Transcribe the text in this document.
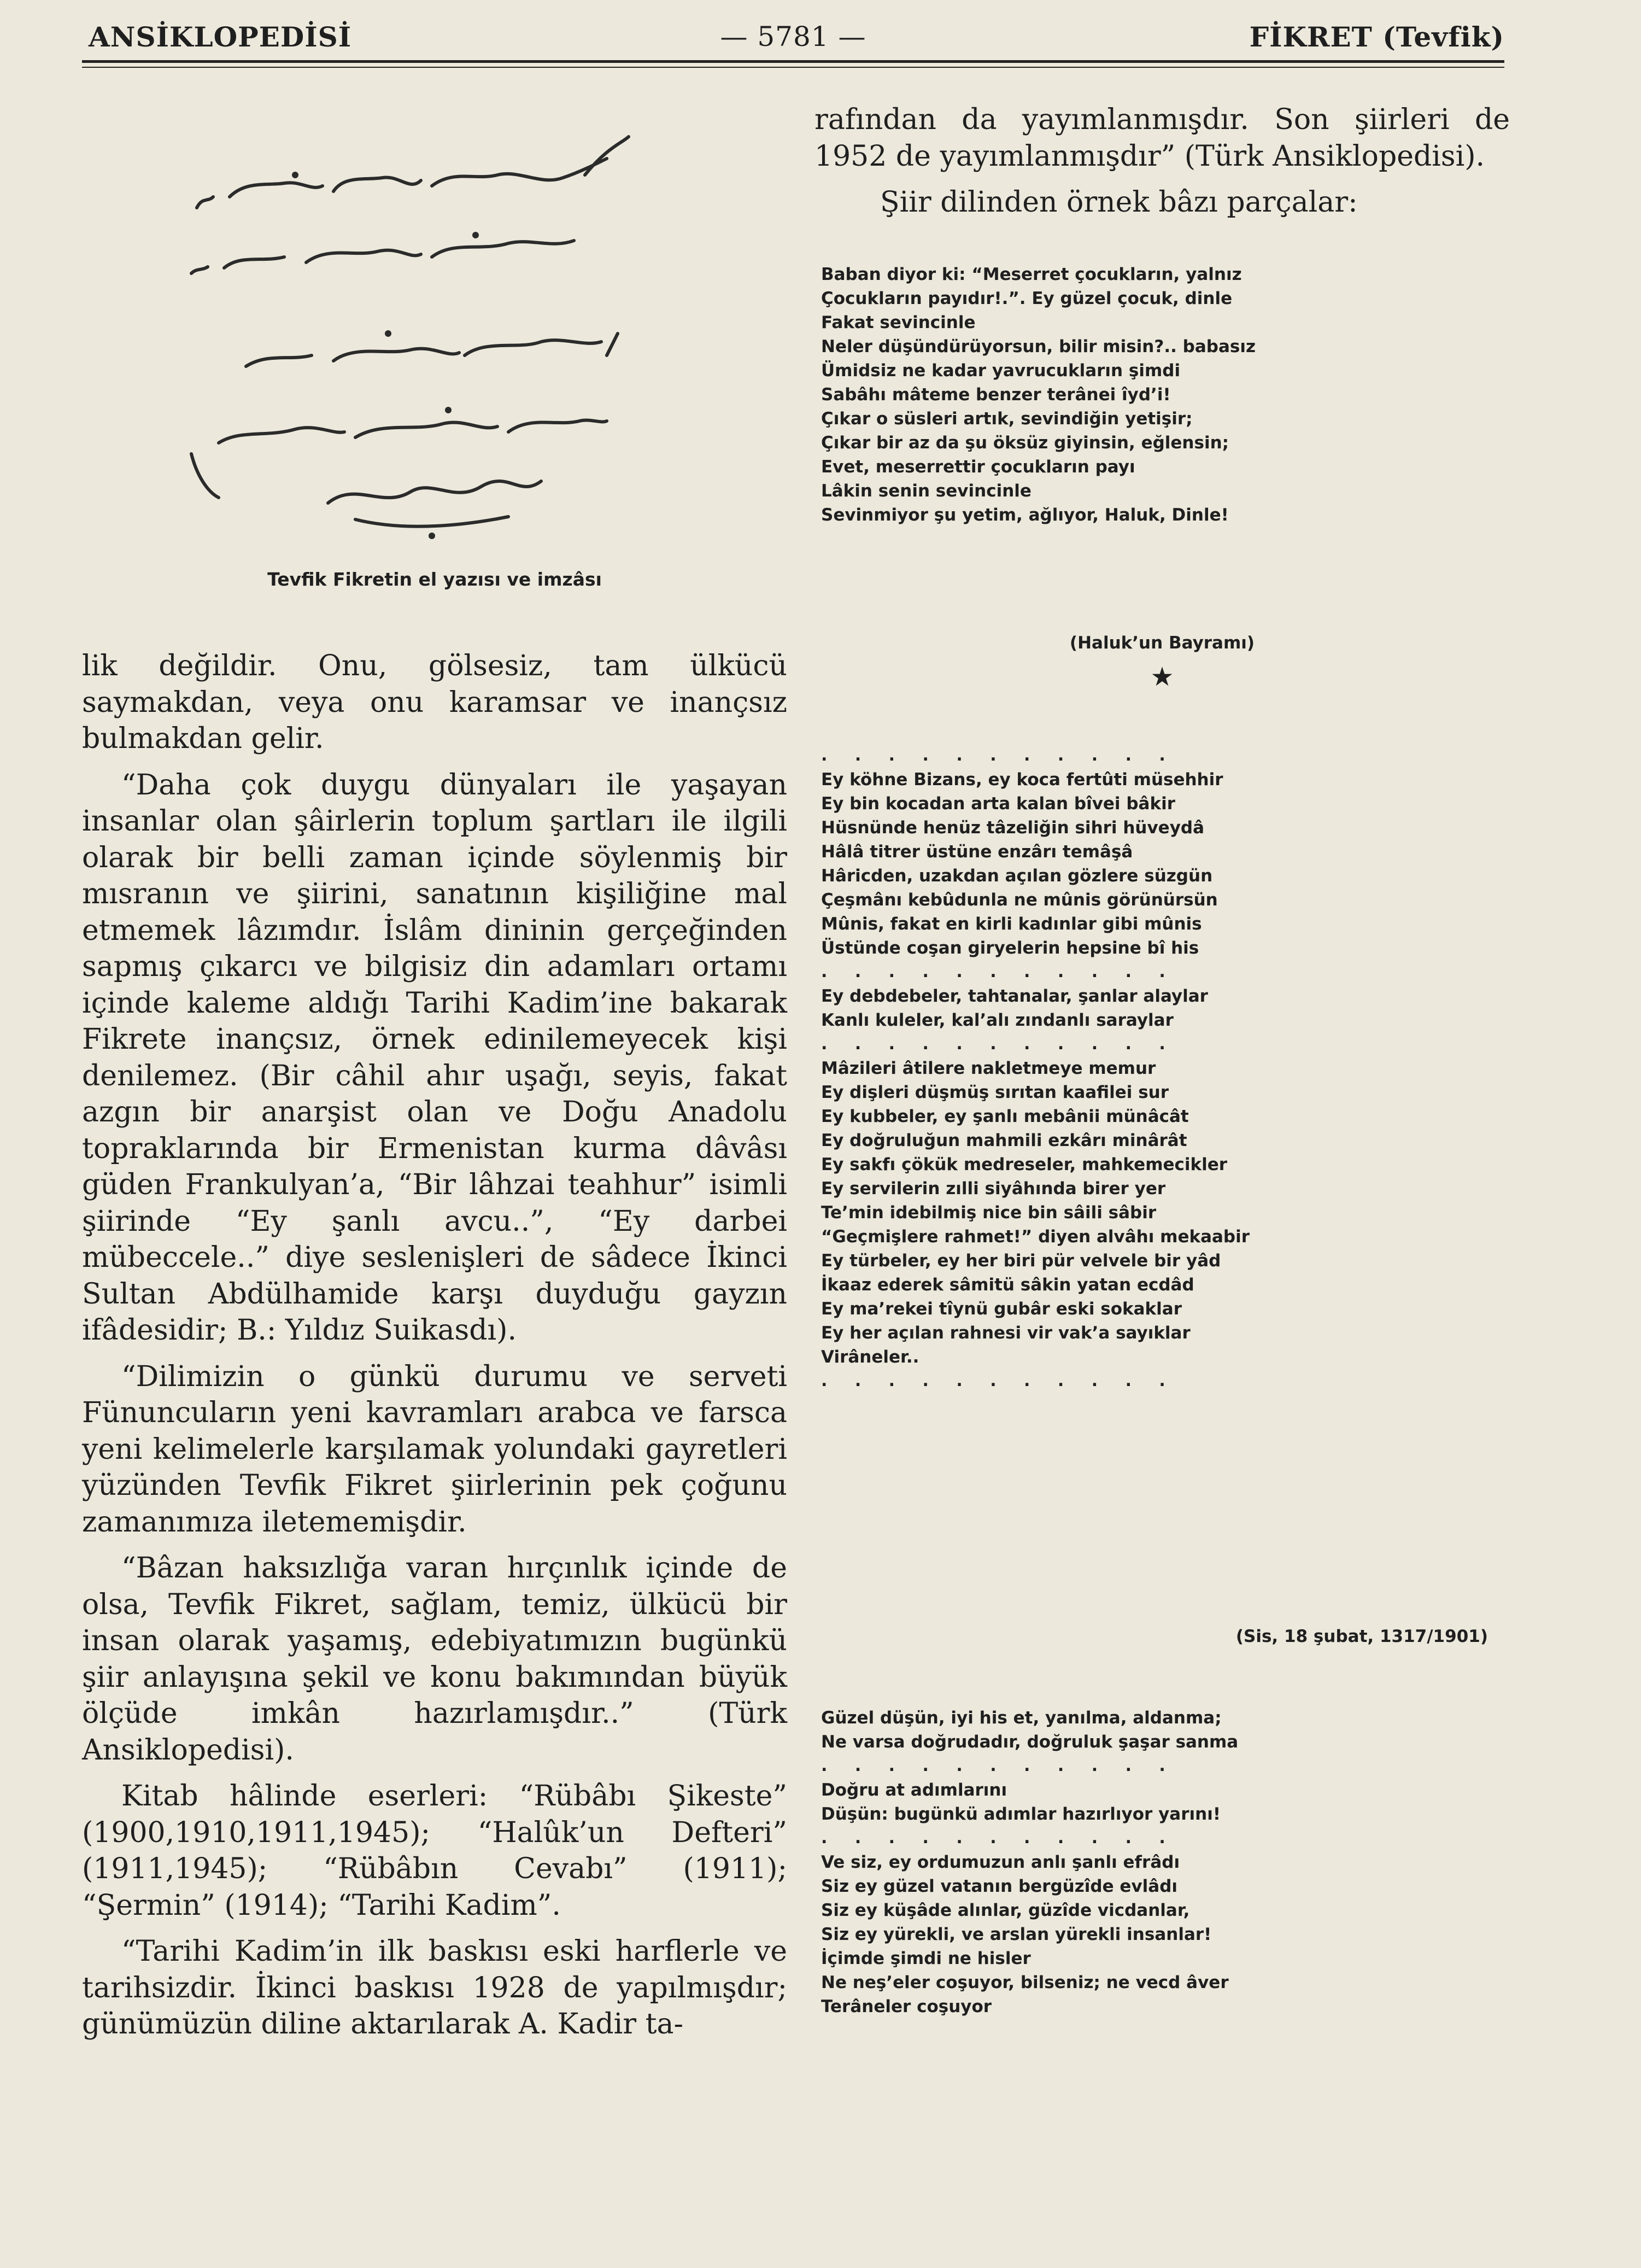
ANSİKLOPEDİSİ	— 5781 —	FİKRET (Tevfik)
Tevfik Fikretin el yazısı ve imzâsı

lik değildir. Onu, gölsesiz, tam ülkücü saymakdan, veya onu karamsar ve inançsız bulmakdan gelir.

“Daha çok duygu dünyaları ile yaşayan insanlar olan şâirlerin toplum şartları ile ilgili olarak bir belli zaman içinde söylenmiş bir mısranın ve şiirini, sanatının kişiliğine mal etmemek lâzımdır. İslâm dininin gerçeğinden sapmış çıkarcı ve bilgisiz din adamları ortamı içinde kaleme aldığı Tarihi Kadim’ine bakarak Fikrete inançsız, örnek edinilemeyecek kişi denilemez. (Bir câhil ahır uşağı, seyis, fakat azgın bir anarşist olan ve Doğu Anadolu topraklarında bir Ermenistan kurma dâvâsı güden Frankulyan’a, “Bir lâhzai teahhur” isimli şiirinde “Ey şanlı avcu..”, “Ey darbei mübeccele..” diye seslenişleri de sâdece İkinci Sultan Abdülhamide karşı duyduğu gayzın ifâdesidir; B.: Yıldız Suikasdı).

“Dilimizin o günkü durumu ve serveti Fünuncuların yeni kavramları arabca ve farsca yeni kelimelerle karşılamak yolundaki gayretleri yüzünden Tevfik Fikret şiirlerinin pek çoğunu zamanımıza iletememişdir.

“Bâzan haksızlığa varan hırçınlık içinde de olsa, Tevfik Fikret, sağlam, temiz, ülkücü bir insan olarak yaşamış, edebiyatımızın bugünkü şiir anlayışına şekil ve konu bakımından büyük ölçüde imkân hazırlamışdır..” (Türk Ansiklopedisi).

Kitab hâlinde eserleri: “Rübâbı Şikeste” (1900,1910,1911,1945); “Halûk’un Defteri” (1911,1945); “Rübâbın Cevabı” (1911); “Şermin” (1914); “Tarihi Kadim”.

“Tarihi Kadim’in ilk baskısı eski harflerle ve tarihsizdir. İkinci baskısı 1928 de yapılmışdır; günümüzün diline aktarılarak A. Kadir ta-

rafından da yayımlanmışdır. Son şiirleri de 1952 de yayımlanmışdır” (Türk Ansiklopedisi).

Şiir dilinden örnek bâzı parçalar:
Baban diyor ki: “Meserret çocukların, yalnız
Çocukların payıdır!.”. Ey güzel çocuk, dinle
Fakat sevincinle
Neler düşündürüyorsun, bilir misin?.. babasız
Ümidsiz ne kadar yavrucukların şimdi
Sabâhı mâteme benzer terânei îyd’i!
Çıkar o süsleri artık, sevindiğin yetişir;
Çıkar bir az da şu öksüz giyinsin, eğlensin;
Evet, meserrettir çocukların payı
Lâkin senin sevincinle
Sevinmiyor şu yetim, ağlıyor, Haluk, Dinle!
(Haluk’un Bayramı)
★
. . . . . . . . . . .
Ey köhne Bizans, ey koca fertûti müsehhir
Ey bin kocadan arta kalan bîvei bâkir
Hüsnünde henüz tâzeliğin sihri hüveydâ
Hâlâ titrer üstüne enzârı temâşâ
Hâricden, uzakdan açılan gözlere süzgün
Çeşmânı kebûdunla ne mûnis görünürsün
Mûnis, fakat en kirli kadınlar gibi mûnis
Üstünde coşan giryelerin hepsine bî his
. . . . . . . . . . .
Ey debdebeler, tahtanalar, şanlar alaylar
Kanlı kuleler, kal’alı zındanlı saraylar
. . . . . . . . . . .
Mâzileri âtilere nakletmeye memur
Ey dişleri düşmüş sırıtan kaafilei sur
Ey kubbeler, ey şanlı mebânii münâcât
Ey doğruluğun mahmili ezkârı minârât
Ey sakfı çökük medreseler, mahkemecikler
Ey servilerin zılli siyâhında birer yer
Te’min idebilmiş nice bin sâili sâbir
“Geçmişlere rahmet!” diyen alvâhı mekaabir
Ey türbeler, ey her biri pür velvele bir yâd
İkaaz ederek sâmitü sâkin yatan ecdâd
Ey ma’rekei tîynü gubâr eski sokaklar
Ey her açılan rahnesi vir vak’a sayıklar
Virâneler..
. . . . . . . . . . .
(Sis, 18 şubat, 1317/1901)
Güzel düşün, iyi his et, yanılma, aldanma;
Ne varsa doğrudadır, doğruluk şaşar sanma
. . . . . . . . . . .
Doğru at adımlarını
Düşün: bugünkü adımlar hazırlıyor yarını!
. . . . . . . . . . .
Ve siz, ey ordumuzun anlı şanlı efrâdı
Siz ey güzel vatanın bergüzîde evlâdı
Siz ey küşâde alınlar, güzîde vicdanlar,
Siz ey yürekli, ve arslan yürekli insanlar!
İçimde şimdi ne hisler
Ne neş’eler coşuyor, bilseniz; ne vecd âver
Terâneler coşuyor
